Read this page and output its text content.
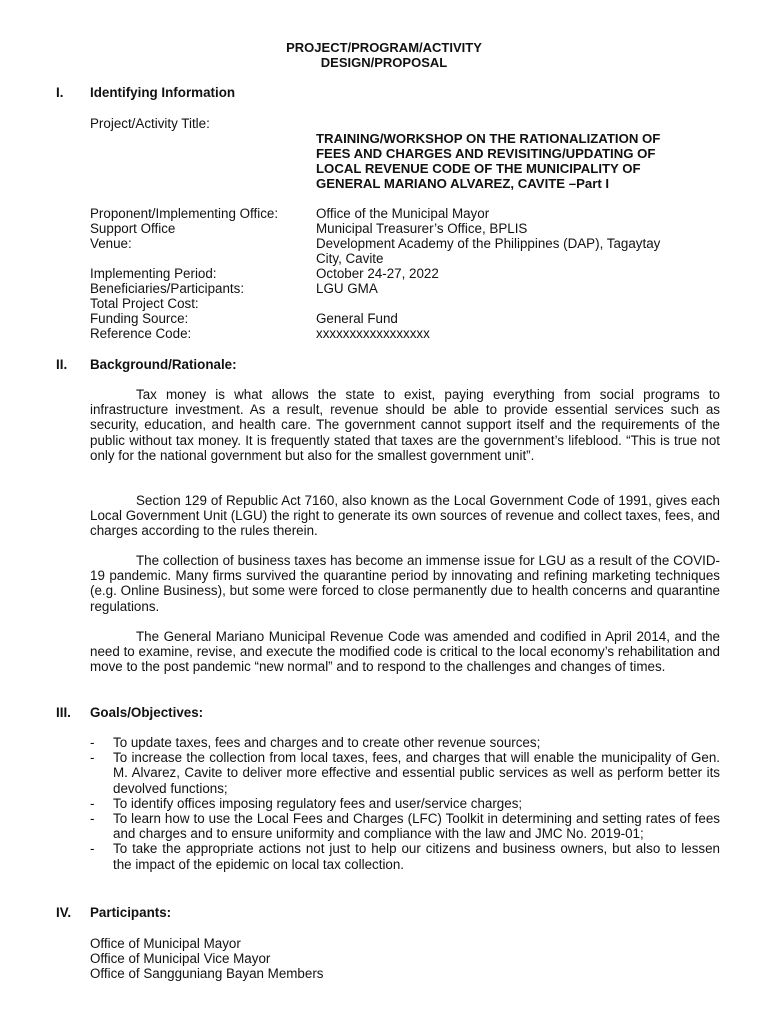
PROJECT/PROGRAM/ACTIVITY
DESIGN/PROPOSAL
I. Identifying Information
Project/Activity Title:
TRAINING/WORKSHOP ON THE RATIONALIZATION OF
FEES AND CHARGES AND REVISITING/UPDATING OF
LOCAL REVENUE CODE OF THE MUNICIPALITY OF
GENERAL MARIANO ALVAREZ, CAVITE –Part I
Proponent/Implementing Office:	Office of the Municipal Mayor
Support Office	Municipal Treasurer’s Office, BPLIS
Venue:	Development Academy of the Philippines (DAP), Tagaytay
City, Cavite
Implementing Period:	October 24-27, 2022
Beneficiaries/Participants:	LGU GMA
Total Project Cost:
Funding Source:	General Fund
Reference Code:	xxxxxxxxxxxxxxxxx
II. Background/Rationale:

Tax money is what allows the state to exist, paying everything from social programs to infrastructure investment. As a result, revenue should be able to provide essential services such as security, education, and health care. The government cannot support itself and the requirements of the public without tax money. It is frequently stated that taxes are the government’s lifeblood. “This is true not only for the national government but also for the smallest government unit”.

Section 129 of Republic Act 7160, also known as the Local Government Code of 1991, gives each Local Government Unit (LGU) the right to generate its own sources of revenue and collect taxes, fees, and charges according to the rules therein.

The collection of business taxes has become an immense issue for LGU as a result of the COVID-19 pandemic. Many firms survived the quarantine period by innovating and refining marketing techniques (e.g. Online Business), but some were forced to close permanently due to health concerns and quarantine regulations.

The General Mariano Municipal Revenue Code was amended and codified in April 2014, and the need to examine, revise, and execute the modified code is critical to the local economy’s rehabilitation and move to the post pandemic “new normal” and to respond to the challenges and changes of times.

III. Goals/Objectives:
- To update taxes, fees and charges and to create other revenue sources;
- To increase the collection from local taxes, fees, and charges that will enable the municipality of Gen. M. Alvarez, Cavite to deliver more effective and essential public services as well as perform better its devolved functions;
- To identify offices imposing regulatory fees and user/service charges;
- To learn how to use the Local Fees and Charges (LFC) Toolkit in determining and setting rates of fees and charges and to ensure uniformity and compliance with the law and JMC No. 2019-01;
- To take the appropriate actions not just to help our citizens and business owners, but also to lessen the impact of the epidemic on local tax collection.
IV. Participants:
Office of Municipal Mayor
Office of Municipal Vice Mayor
Office of Sangguniang Bayan Members
